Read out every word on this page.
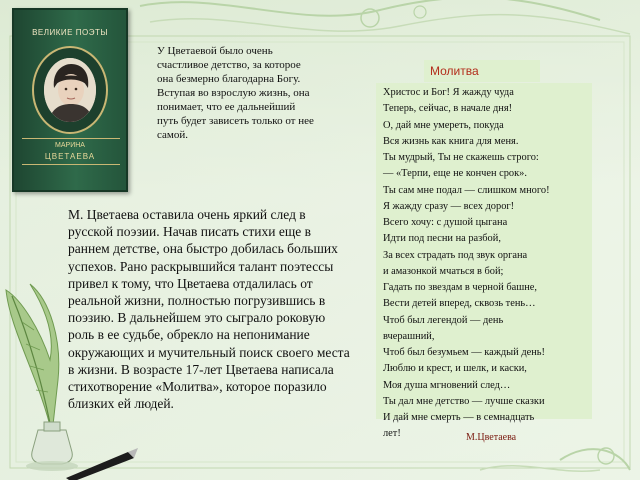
ВЕЛИКИЕ ПОЭТЫ
МАРИНА
ЦВЕТАЕВА
У Цветаевой было очень
счастливое детство, за которое
она безмерно благодарна Богу.
Вступая во взрослую жизнь, она
понимает, что ее дальнейший
путь будет зависеть только от нее
самой.
М. Цветаева оставила очень яркий след в
русской поэзии. Начав писать стихи еще в
раннем детстве, она быстро добилась больших
успехов. Рано раскрывшийся талант поэтессы
привел к тому, что Цветаева отдалилась от
реальной жизни, полностью погрузившись в
поэзию. В дальнейшем это сыграло роковую
роль в ее судьбе, обрекло на непонимание
окружающих и мучительный поиск своего места
в жизни. В возрасте 17-лет Цветаева написала
стихотворение «Молитва», которое поразило
близких ей людей.
Молитва
Христос и Бог! Я жажду чуда
Теперь, сейчас, в начале дня!
О, дай мне умереть, покуда
Вся жизнь как книга для меня.
Ты мудрый, Ты не скажешь строго:
— «Терпи, еще не кончен срок».
Ты сам мне подал — слишком много!
Я жажду сразу — всех дорог!
Всего хочу: с душой цыгана
Идти под песни на разбой,
За всех страдать под звук органа
и амазонкой мчаться в бой;
Гадать по звездам в черной башне,
Вести детей вперед, сквозь тень…
Чтоб был легендой — день
вчерашний,
Чтоб был безумьем — каждый день!
Люблю и крест, и шелк, и каски,
Моя душа мгновений след…
Ты дал мне детство — лучше сказки
И дай мне смерть — в семнадцать
лет!	М.Цветаева
